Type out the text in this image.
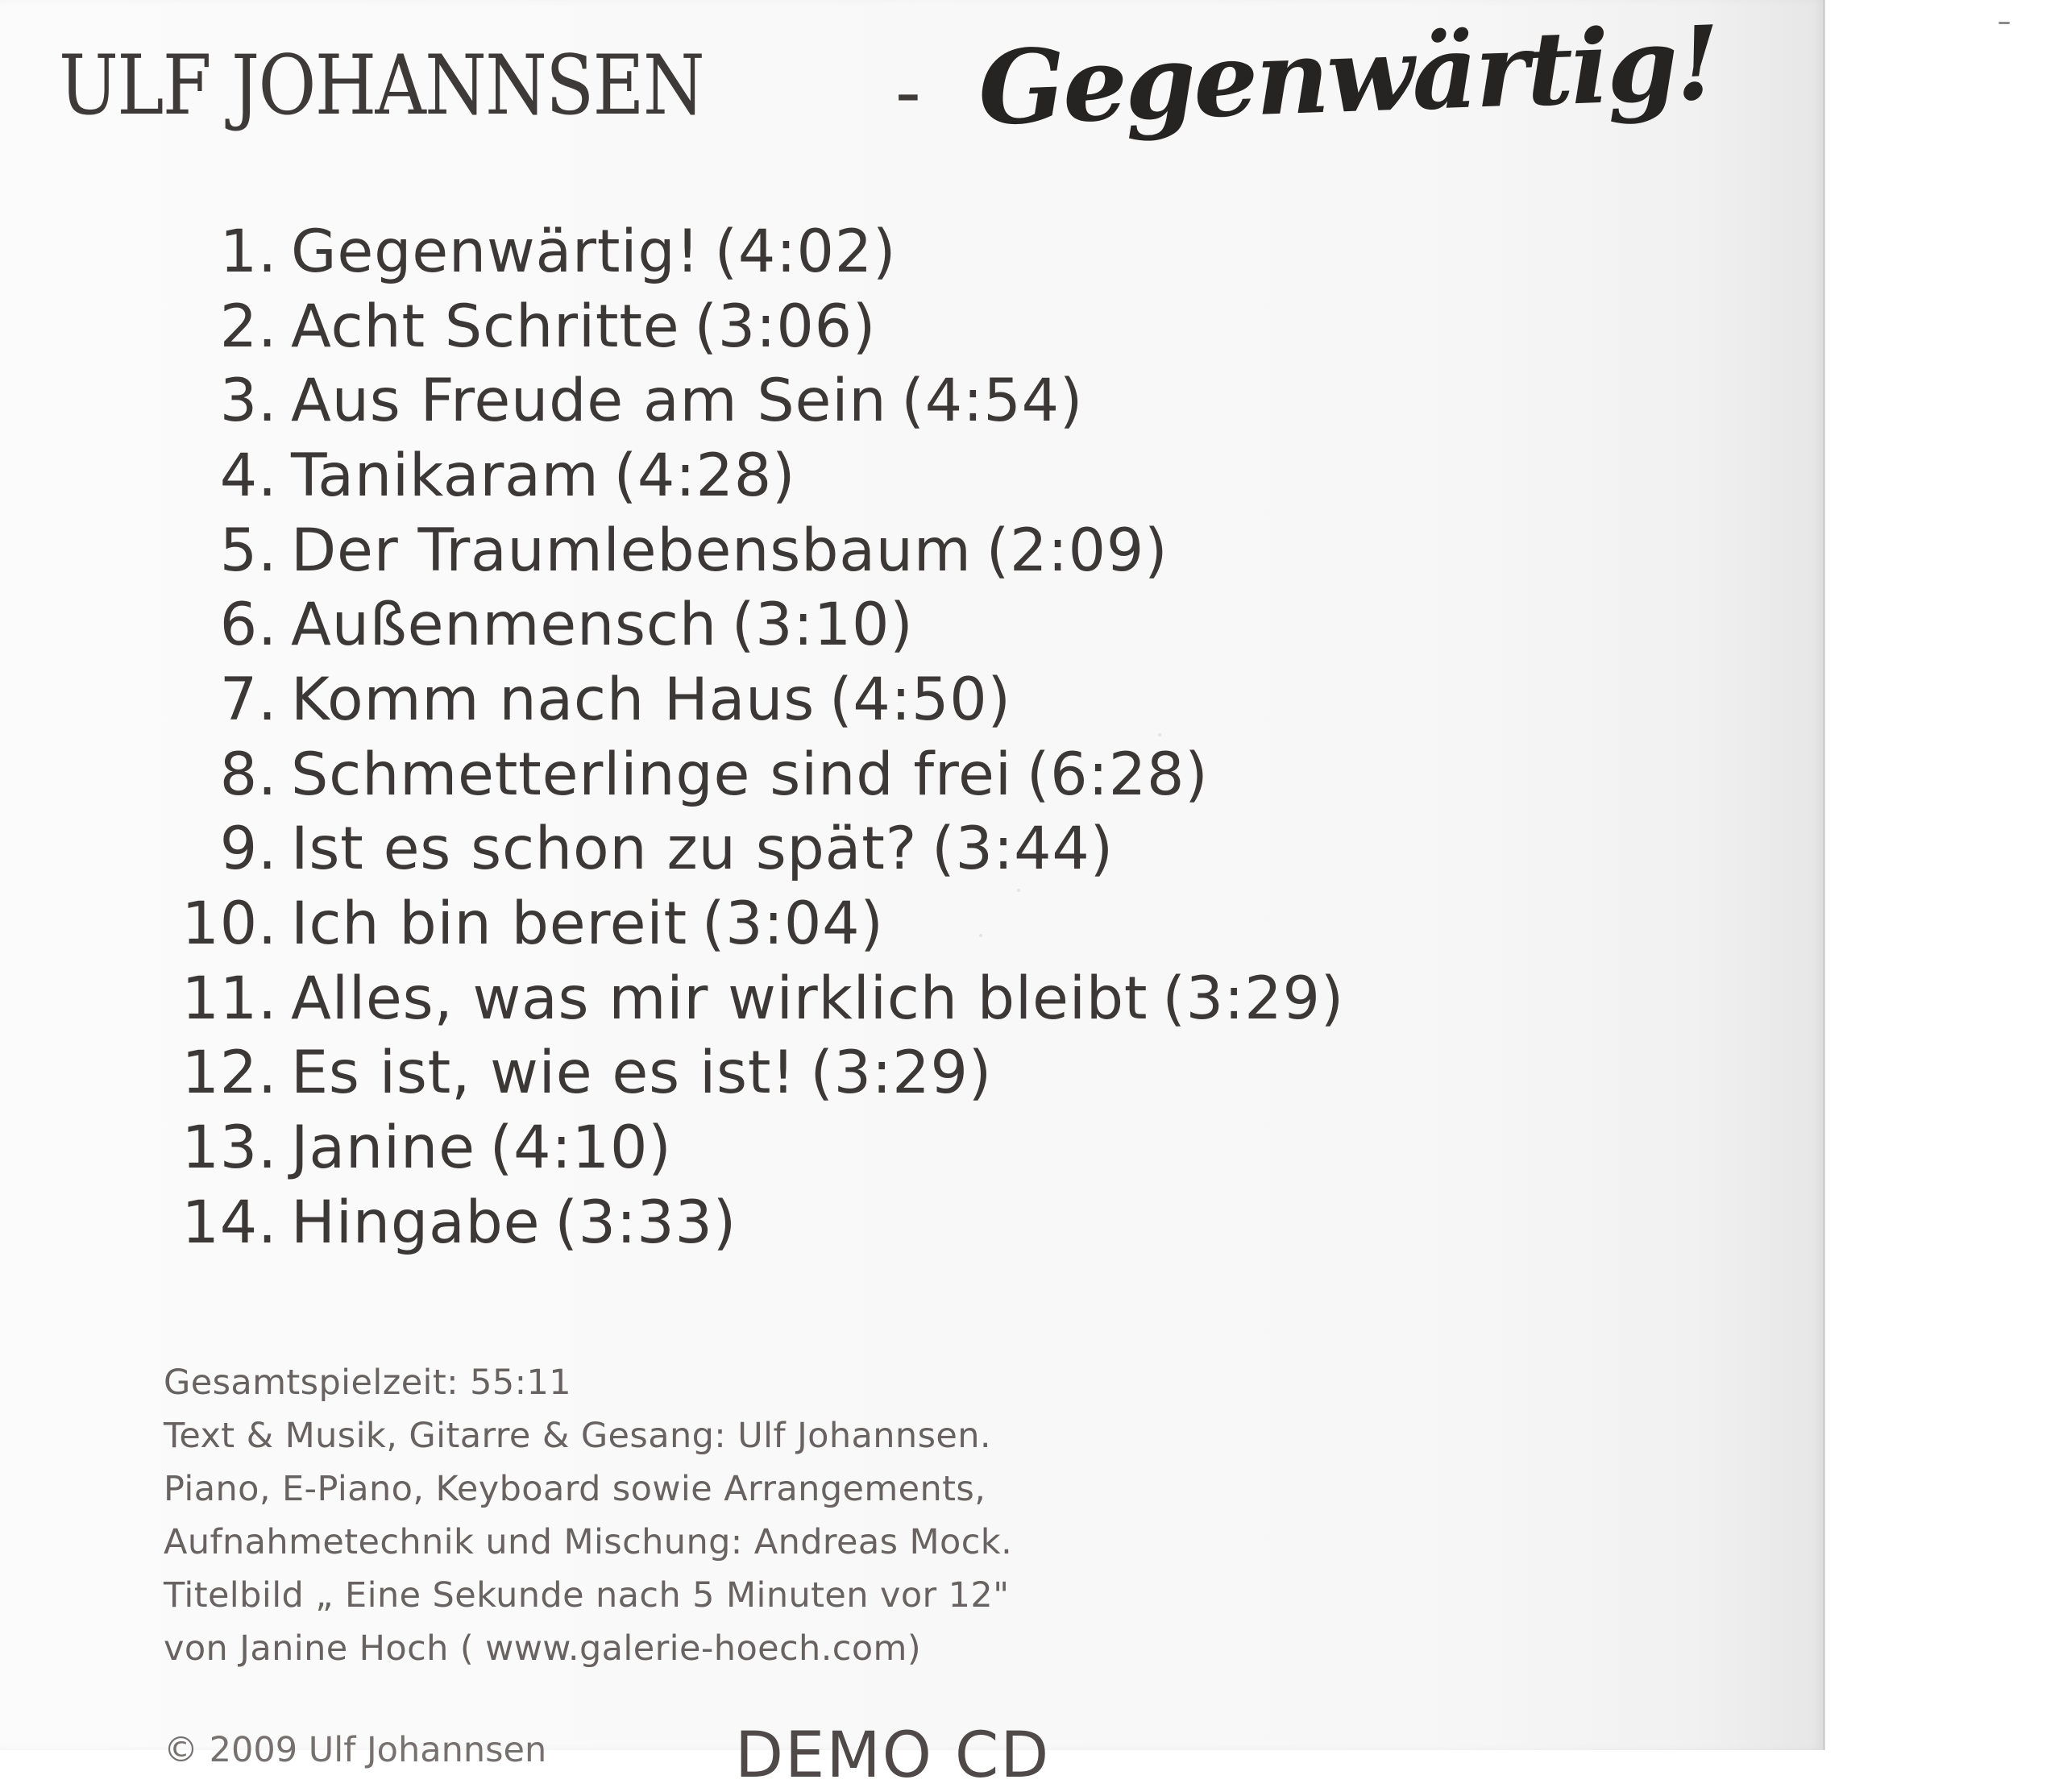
ULF JOHANNSEN	- Gegenwärtig!
1. Gegenwärtig! (4:02)
2. Acht Schritte (3:06)
3. Aus Freude am Sein (4:54)
4. Tanikaram (4:28)
5. Der Traumlebensbaum (2:09)
6. Außenmensch (3:10)
7. Komm nach Haus (4:50)
8. Schmetterlinge sind frei (6:28)
9. Ist es schon zu spät? (3:44)
10. Ich bin bereit (3:04)
11. Alles, was mir wirklich bleibt (3:29)
12. Es ist, wie es ist! (3:29)
13. Janine (4:10)
14. Hingabe (3:33)
Gesamtspielzeit: 55:11
Text & Musik, Gitarre & Gesang: Ulf Johannsen.
Piano, E-Piano, Keyboard sowie Arrangements,
Aufnahmetechnik und Mischung: Andreas Mock.
Titelbild „ Eine Sekunde nach 5 Minuten vor 12"
von Janine Hoch ( www.galerie-hoech.com)
© 2009 Ulf Johannsen	DEMO CD
